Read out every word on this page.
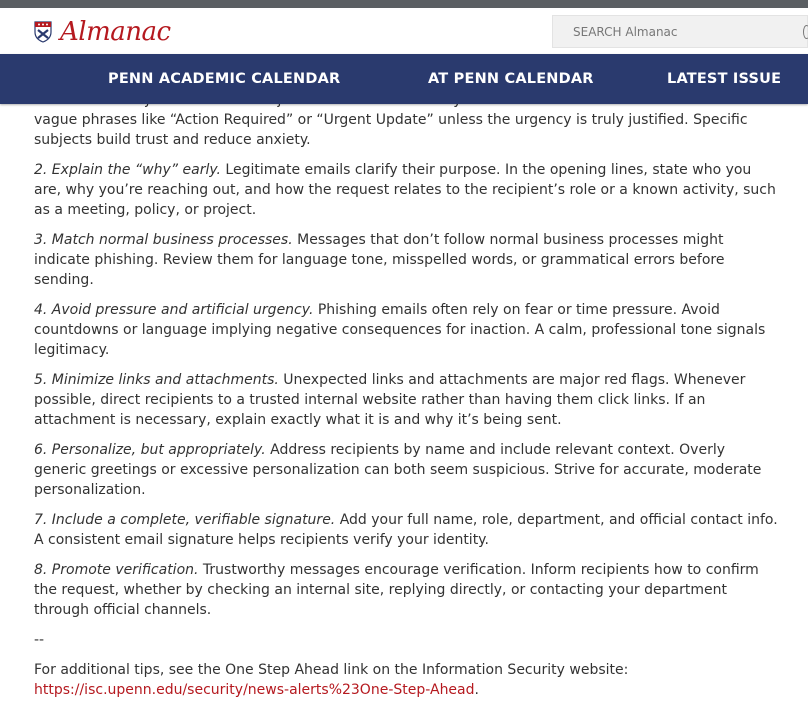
Almanac
SEARCH Almanac

vague phrases like “Action Required” or “Urgent Update” unless the urgency is truly justified. Specific subjects build trust and reduce anxiety.

2. Explain the “why” early. Legitimate emails clarify their purpose. In the opening lines, state who you are, why you’re reaching out, and how the request relates to the recipient’s role or a known activity, such as a meeting, policy, or project.

3. Match normal business processes. Messages that don’t follow normal business processes might indicate phishing. Review them for language tone, misspelled words, or grammatical errors before sending.

4. Avoid pressure and artificial urgency. Phishing emails often rely on fear or time pressure. Avoid countdowns or language implying negative consequences for inaction. A calm, professional tone signals legitimacy.

5. Minimize links and attachments. Unexpected links and attachments are major red flags. Whenever possible, direct recipients to a trusted internal website rather than having them click links. If an attachment is necessary, explain exactly what it is and why it’s being sent.

6. Personalize, but appropriately. Address recipients by name and include relevant context. Overly generic greetings or excessive personalization can both seem suspicious. Strive for accurate, moderate personalization.

7. Include a complete, verifiable signature. Add your full name, role, department, and official contact info. A consistent email signature helps recipients verify your identity.

8. Promote verification. Trustworthy messages encourage verification. Inform recipients how to confirm the request, whether by checking an internal site, replying directly, or contacting your department through official channels.

--

For additional tips, see the One Step Ahead link on the Information Security website:
https://isc.upenn.edu/security/news-alerts%23One-Step-Ahead.

PENN ACADEMIC CALENDAR	AT PENN CALENDAR	LATEST ISSUE
